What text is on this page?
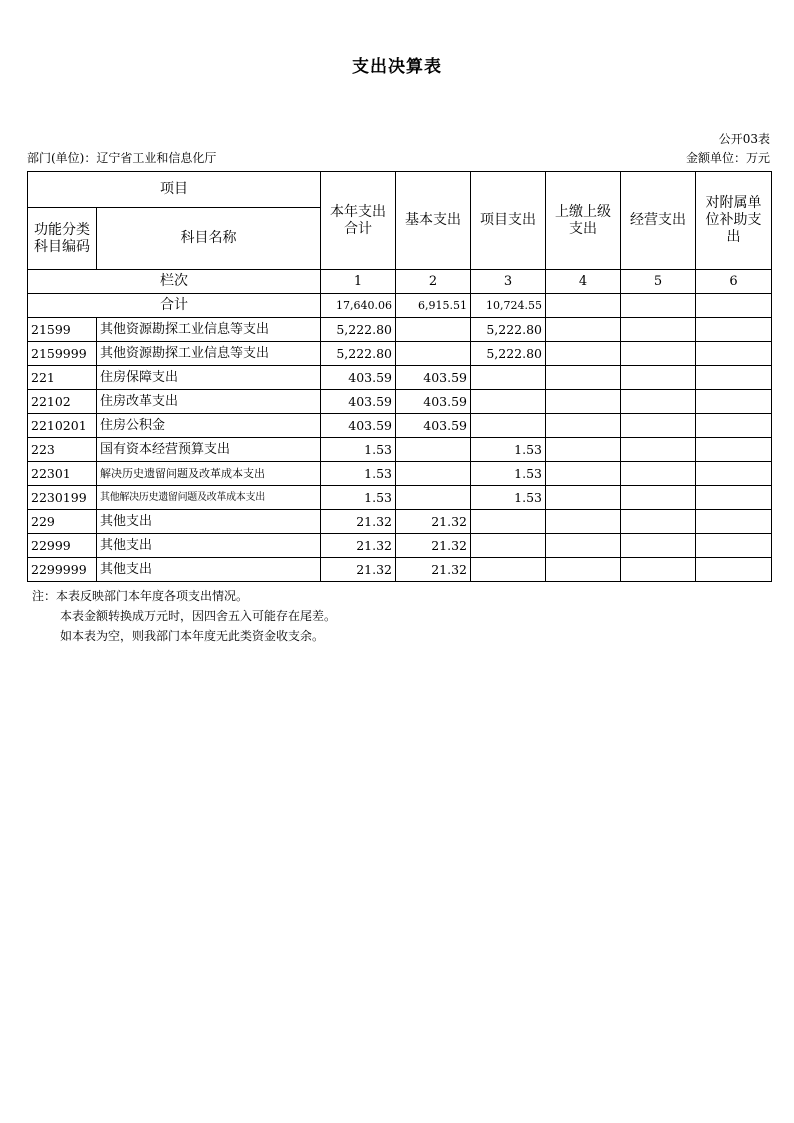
支出决算表
公开03表
部门(单位)：辽宁省工业和信息化厅	金额单位：万元
项目		本年支出合计	基本支出	项目支出	上缴上级支出	经营支出	对附属单位补助支出
功能分类科目编码	科目名称						
栏次		1	2	3	4	5	6
合计		17,640.06	6,915.51	10,724.55			
21599	其他资源勘探工业信息等支出	5,222.80		5,222.80			
2159999	其他资源勘探工业信息等支出	5,222.80		5,222.80			
221	住房保障支出	403.59	403.59				
22102	住房改革支出	403.59	403.59				
2210201	住房公积金	403.59	403.59				
223	国有资本经营预算支出	1.53		1.53			
22301	解决历史遗留问题及改革成本支出	1.53		1.53			
2230199	其他解决历史遗留问题及改革成本支出	1.53		1.53			
229	其他支出	21.32	21.32				
22999	其他支出	21.32	21.32				
2299999	其他支出	21.32	21.32				
注：本表反映部门本年度各项支出情况。
本表金额转换成万元时，因四舍五入可能存在尾差。
如本表为空，则我部门本年度无此类资金收支余。
